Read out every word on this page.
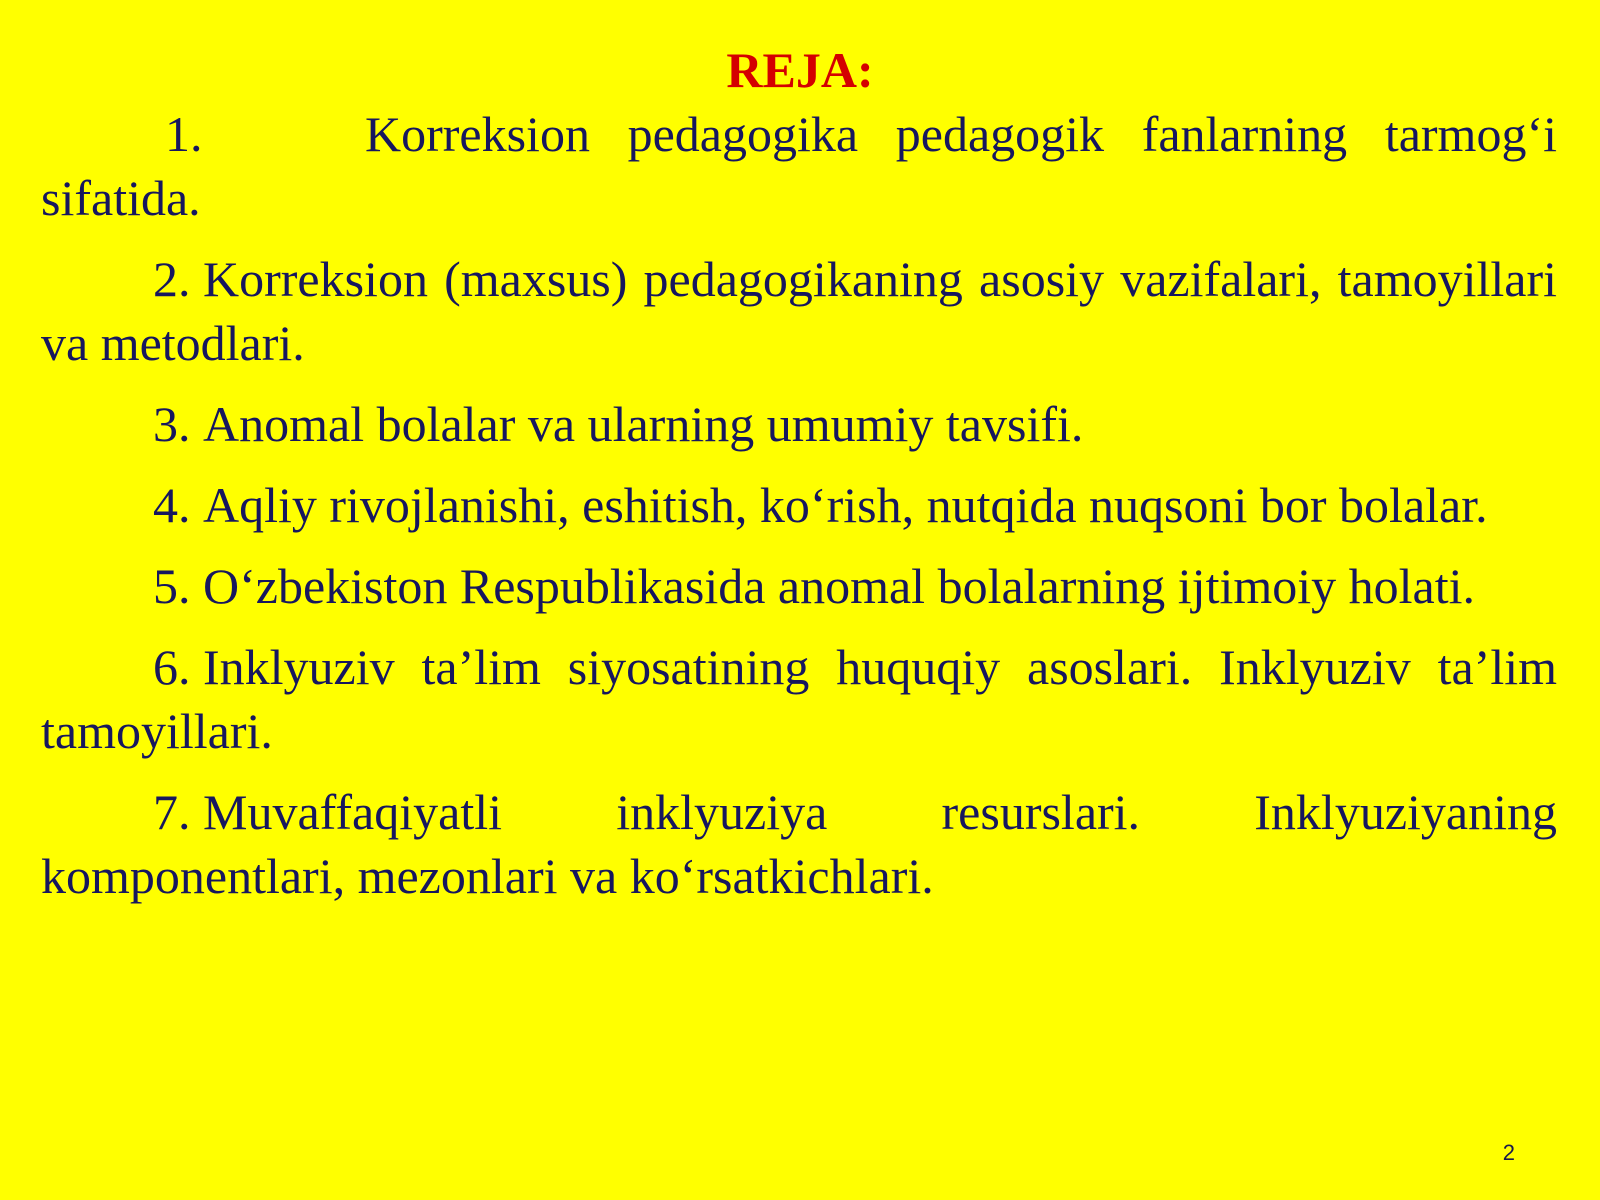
REJA:
1.	Korreksion pedagogika pedagogik fanlarning tarmog‘i sifatida.
2. Korreksion (maxsus) pedagogikaning asosiy vazifalari, tamoyillari va metodlari.
3. Anomal bolalar va ularning umumiy tavsifi.
4. Aqliy rivojlanishi, eshitish, ko‘rish, nutqida nuqsoni bor bolalar.
5. O‘zbekiston Respublikasida anomal bolalarning ijtimoiy holati.
6. Inklyuziv ta’lim siyosatining huquqiy asoslari. Inklyuziv ta’lim tamoyillari.
7. Muvaffaqiyatli inklyuziya resurslari. Inklyuziyaning komponentlari, mezonlari va ko‘rsatkichlari.
2
